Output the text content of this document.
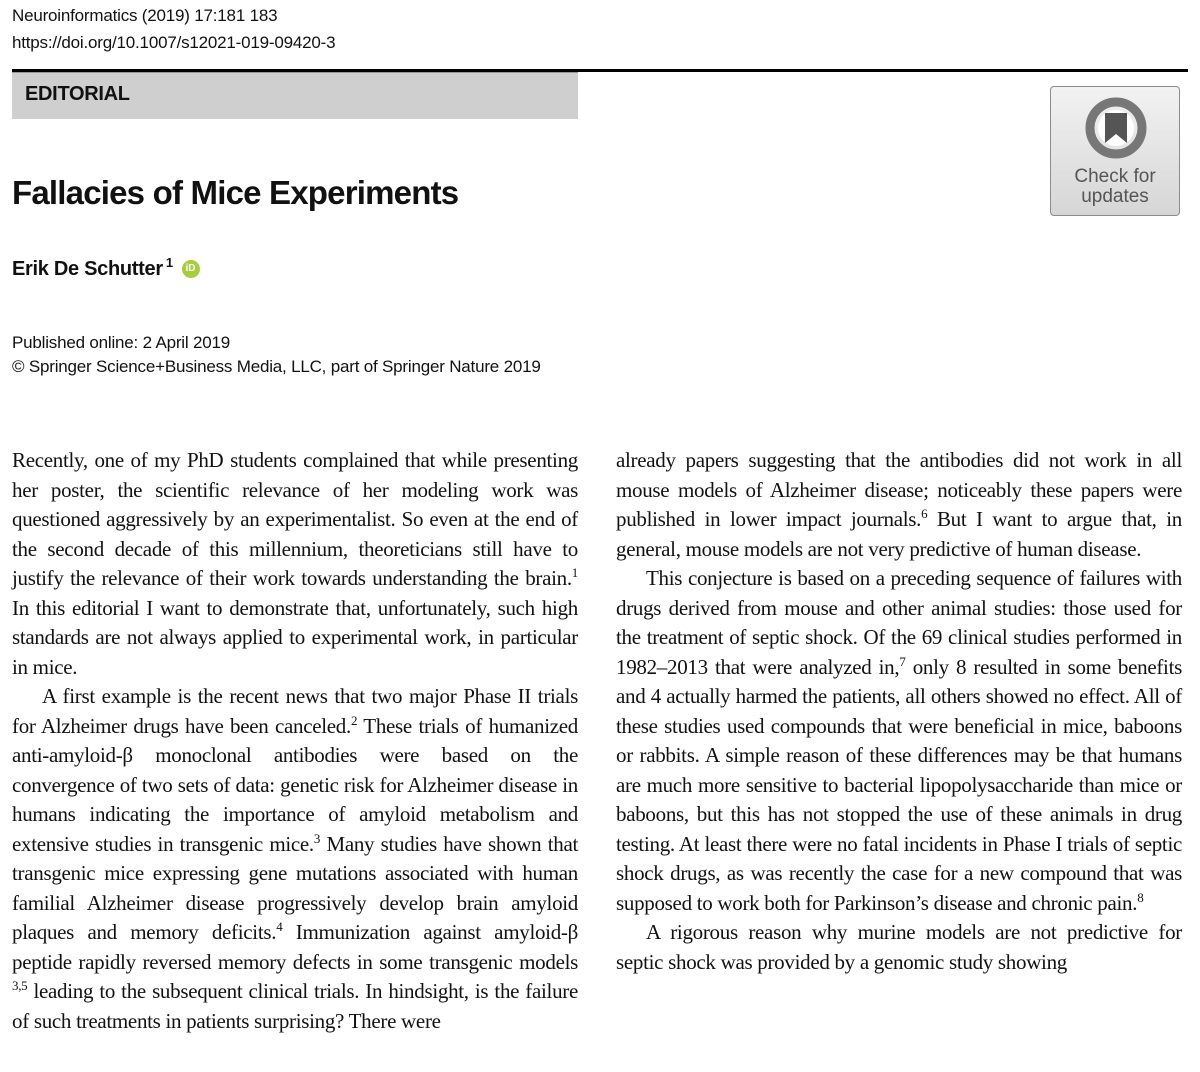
Neuroinformatics (2019) 17:181 183
https://doi.org/10.1007/s12021-019-09420-3
EDITORIAL
Check for
updates
Fallacies of Mice Experiments
Erik De Schutter $^1$ iD
Published online: 2 April 2019
© Springer Science+Business Media, LLC, part of Springer Nature 2019

Recently, one of my PhD students complained that while presenting her poster, the scientific relevance of her modeling work was questioned aggressively by an experimentalist. So even at the end of the second decade of this millennium, theoreticians still have to justify the relevance of their work towards understanding the brain.$^1$ In this editorial I want to demonstrate that, unfortunately, such high standards are not always applied to experimental work, in particular in mice.

A first example is the recent news that two major Phase II trials for Alzheimer drugs have been canceled.$^2$ These trials of humanized anti-amyloid-β monoclonal antibodies were based on the convergence of two sets of data: genetic risk for Alzheimer disease in humans indicating the importance of amyloid metabolism and extensive studies in transgenic mice.$^3$ Many studies have shown that transgenic mice expressing gene mutations associated with human familial Alzheimer disease progressively develop brain amyloid plaques and memory deficits.$^4$ Immunization against amyloid-β peptide rapidly reversed memory defects in some transgenic models $^{3,5}$ leading to the subsequent clinical trials. In hindsight, is the failure of such treatments in patients surprising? There were

already papers suggesting that the antibodies did not work in all mouse models of Alzheimer disease; noticeably these papers were published in lower impact journals.$^6$ But I want to argue that, in general, mouse models are not very predictive of human disease.

This conjecture is based on a preceding sequence of failures with drugs derived from mouse and other animal studies: those used for the treatment of septic shock. Of the 69 clinical studies performed in 1982–2013 that were analyzed in,$^7$ only 8 resulted in some benefits and 4 actually harmed the patients, all others showed no effect. All of these studies used compounds that were beneficial in mice, baboons or rabbits. A simple reason of these differences may be that humans are much more sensitive to bacterial lipopolysaccharide than mice or baboons, but this has not stopped the use of these animals in drug testing. At least there were no fatal incidents in Phase I trials of septic shock drugs, as was recently the case for a new compound that was supposed to work both for Parkinson’s disease and chronic pain.$^8$

A rigorous reason why murine models are not predictive for septic shock was provided by a genomic study showing
